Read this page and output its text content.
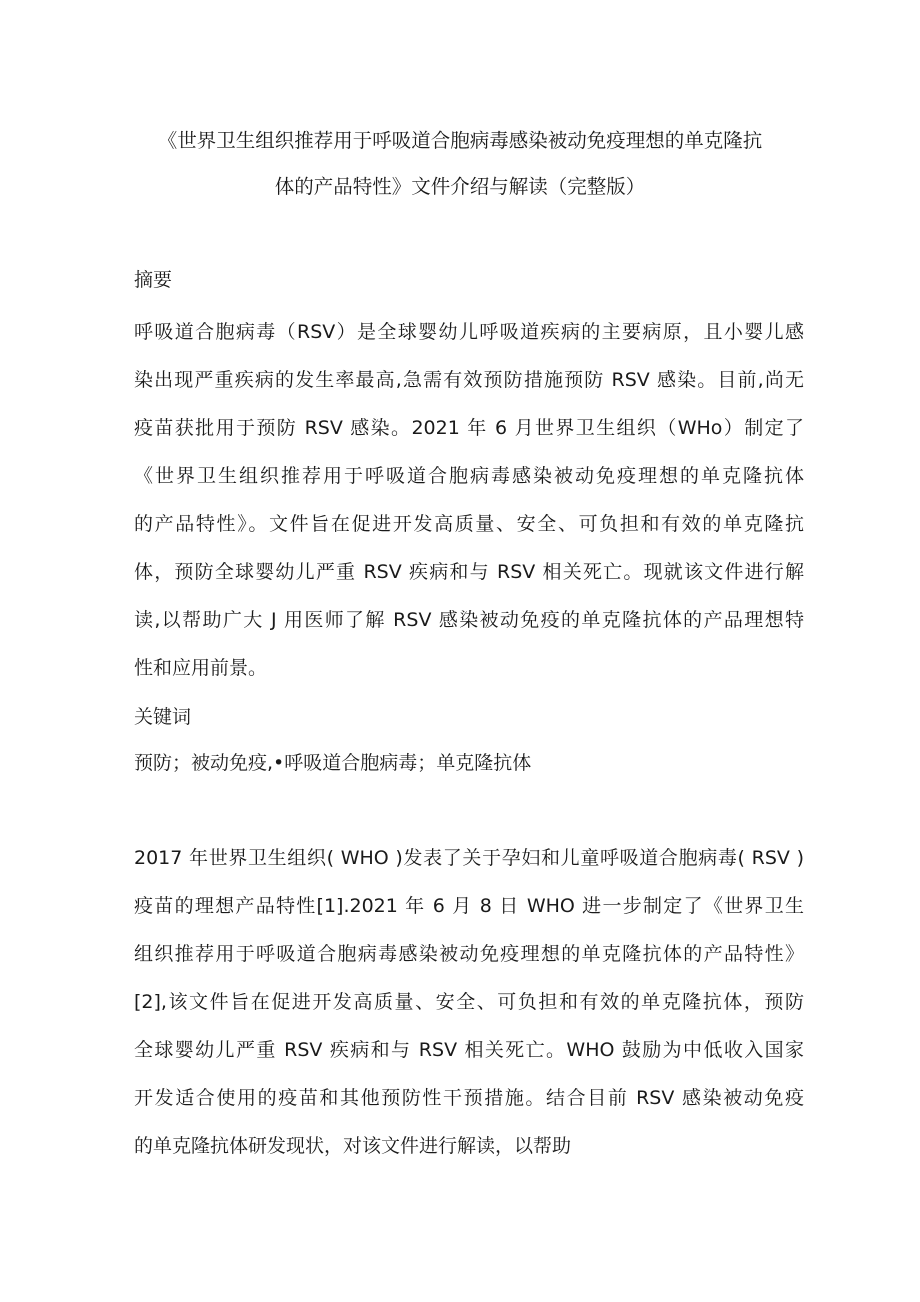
《世界卫生组织推荐用于呼吸道合胞病毒感染被动免疫理想的单克隆抗
体的产品特性》文件介绍与解读（完整版）
摘要
呼吸道合胞病毒（RSV）是全球婴幼儿呼吸道疾病的主要病原，且小婴儿感
染出现严重疾病的发生率最高,急需有效预防措施预防 RSV 感染。目前,尚无
疫苗获批用于预防 RSV 感染。2021 年 6 月世界卫生组织（WHo）制定了
《世界卫生组织推荐用于呼吸道合胞病毒感染被动免疫理想的单克隆抗体
的产品特性》。文件旨在促进开发高质量、安全、可负担和有效的单克隆抗
体，预防全球婴幼儿严重 RSV 疾病和与 RSV 相关死亡。现就该文件进行解
读,以帮助广大 J 用医师了解 RSV 感染被动免疫的单克隆抗体的产品理想特
性和应用前景。
关键词
预防；被动免疫,•呼吸道合胞病毒；单克隆抗体
2017 年世界卫生组织( WHO )发表了关于孕妇和儿童呼吸道合胞病毒( RSV )
疫苗的理想产品特性[1].2021 年 6 月 8 日 WHO 进一步制定了《世界卫生
组织推荐用于呼吸道合胞病毒感染被动免疫理想的单克隆抗体的产品特性》
[2],该文件旨在促进开发高质量、安全、可负担和有效的单克隆抗体，预防
全球婴幼儿严重 RSV 疾病和与 RSV 相关死亡。WHO 鼓励为中低收入国家
开发适合使用的疫苗和其他预防性干预措施。结合目前 RSV 感染被动免疫
的单克隆抗体研发现状，对该文件进行解读，以帮助
